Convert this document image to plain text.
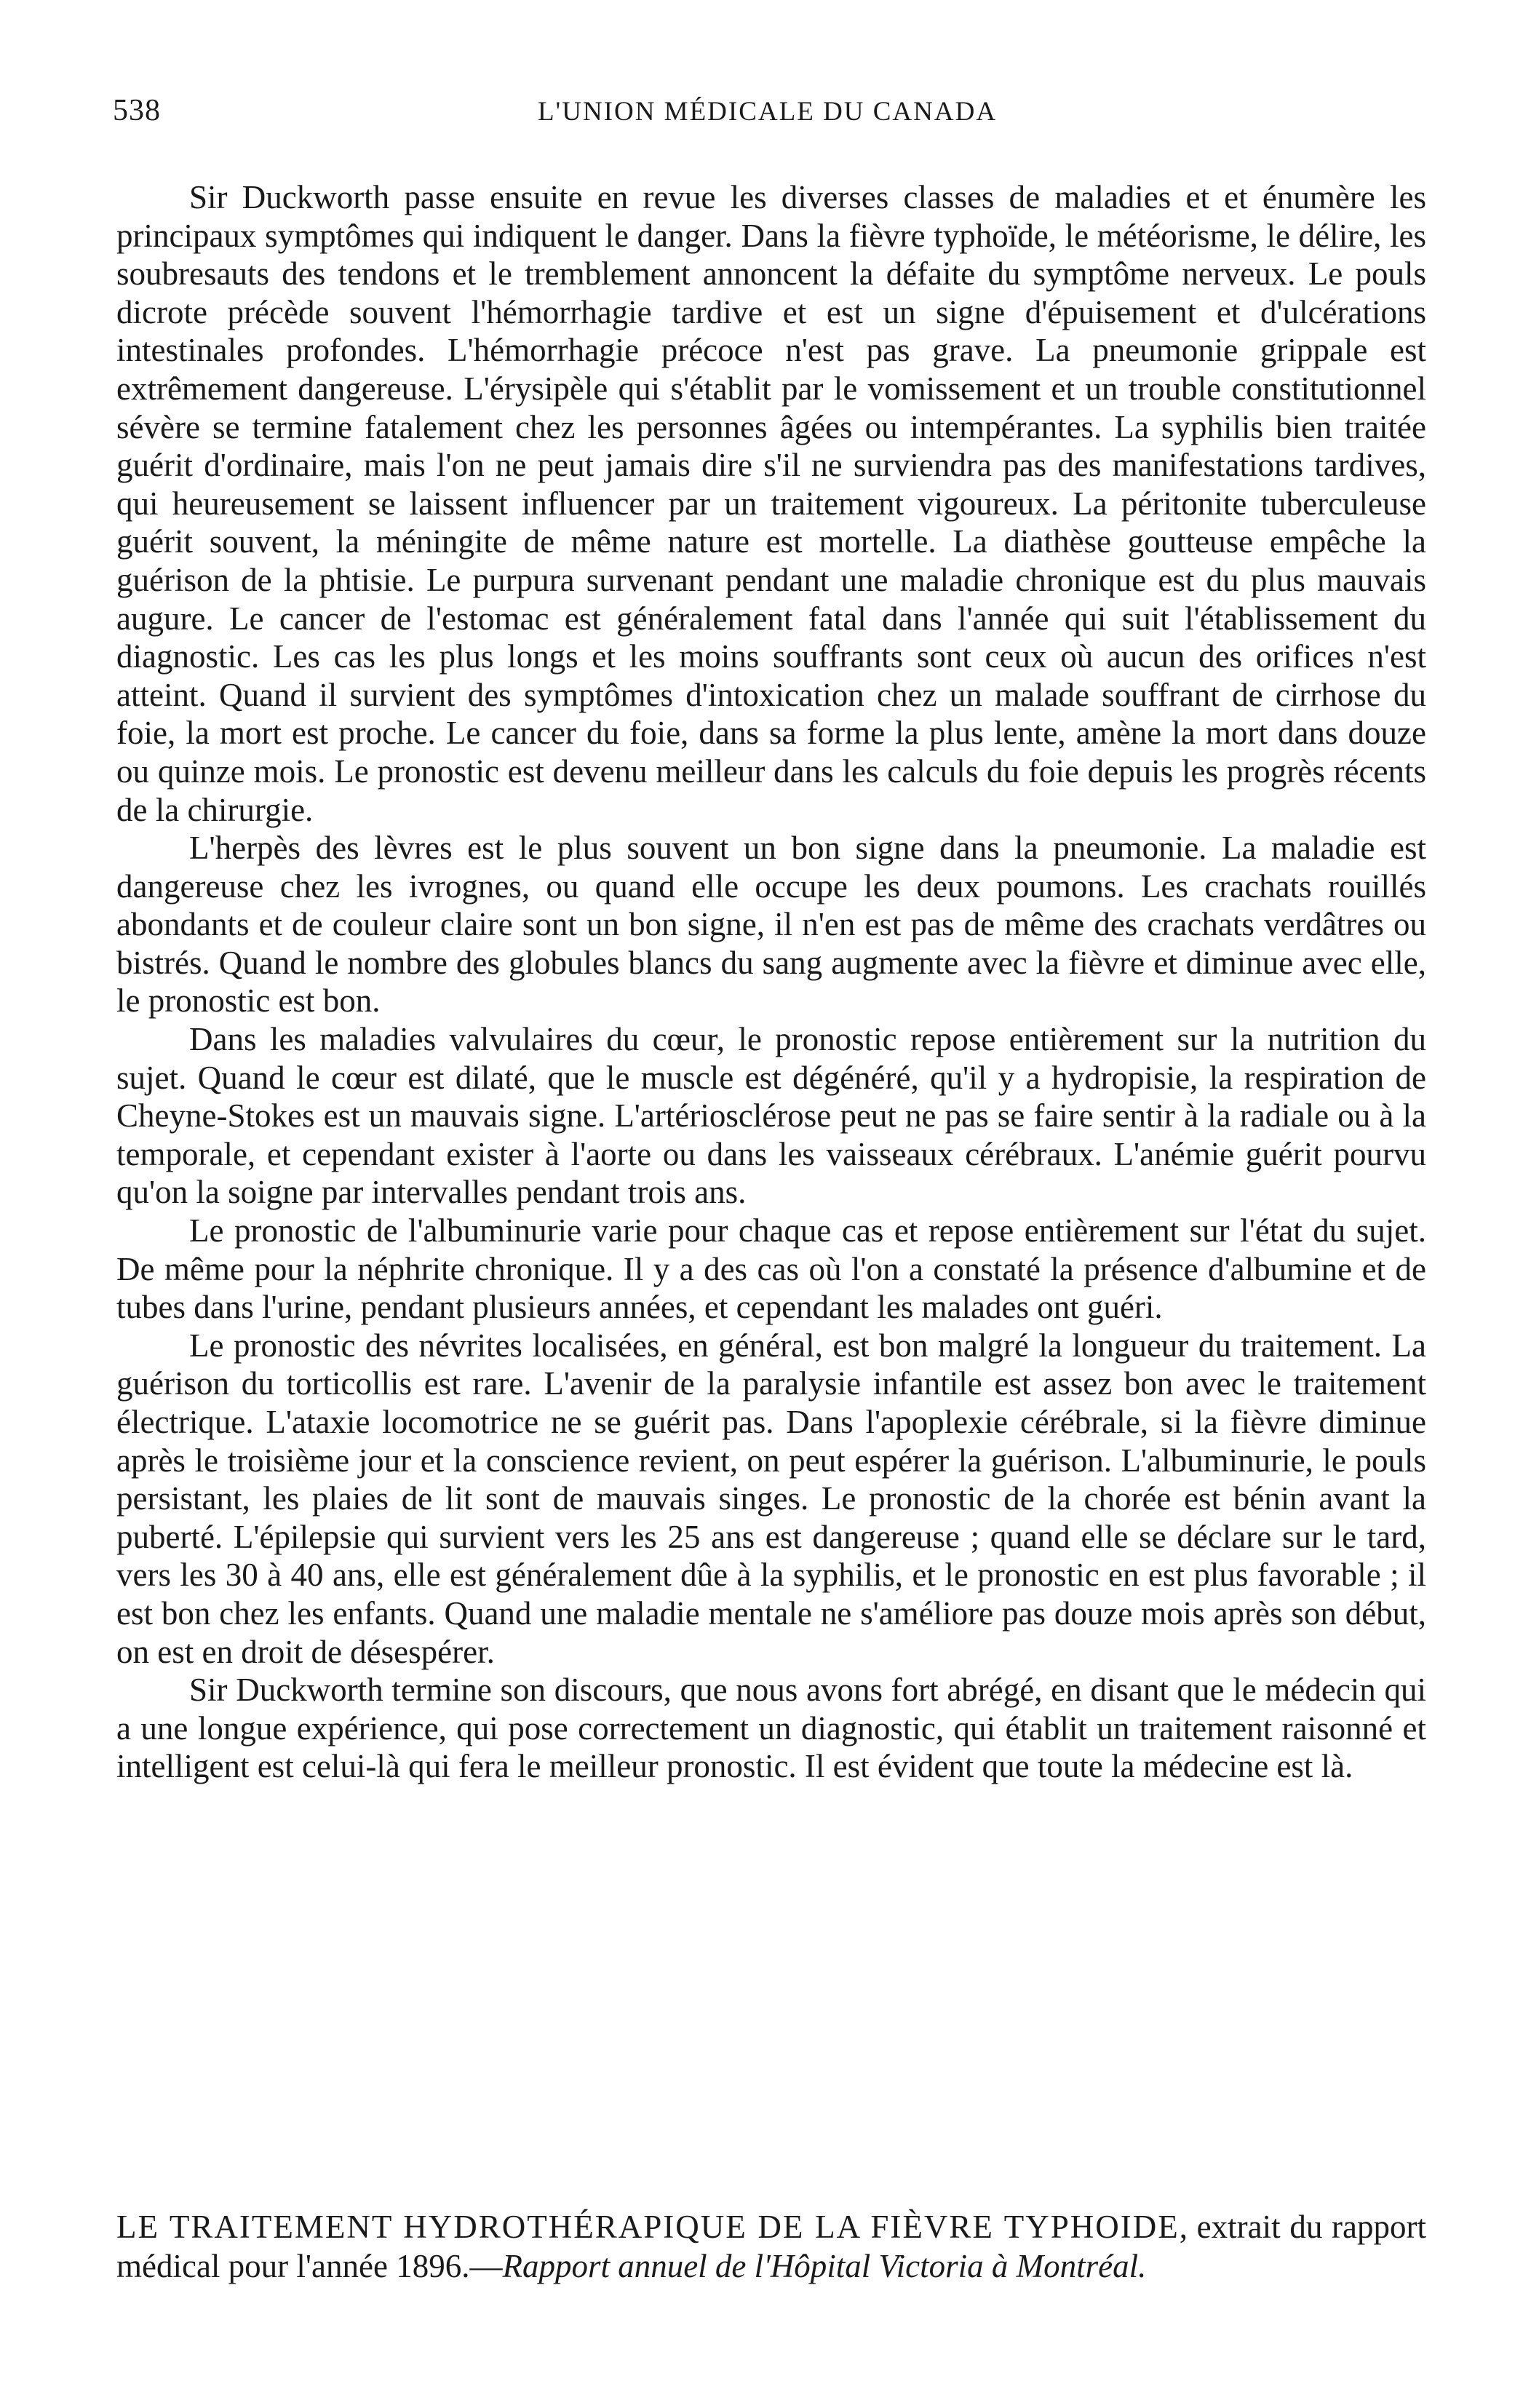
538	L'UNION MÉDICALE DU CANADA

Sir Duckworth passe ensuite en revue les diverses classes de maladies et et énumère les principaux symptômes qui indiquent le danger. Dans la fièvre typhoïde, le météorisme, le délire, les soubresauts des tendons et le tremblement annoncent la défaite du symptôme nerveux. Le pouls dicrote précède souvent l'hémorrhagie tardive et est un signe d'épuisement et d'ulcérations intestinales profondes. L'hémorrhagie précoce n'est pas grave. La pneumonie grippale est extrêmement dangereuse. L'érysipèle qui s'établit par le vomissement et un trouble constitutionnel sévère se termine fatalement chez les personnes âgées ou intempérantes. La syphilis bien traitée guérit d'ordinaire, mais l'on ne peut jamais dire s'il ne surviendra pas des manifestations tardives, qui heureusement se laissent influencer par un traitement vigoureux. La péritonite tuberculeuse guérit souvent, la méningite de même nature est mortelle. La diathèse goutteuse empêche la guérison de la phtisie. Le purpura survenant pendant une maladie chronique est du plus mauvais augure. Le cancer de l'estomac est généralement fatal dans l'année qui suit l'établissement du diagnostic. Les cas les plus longs et les moins souffrants sont ceux où aucun des orifices n'est atteint. Quand il survient des symptômes d'intoxication chez un malade souffrant de cirrhose du foie, la mort est proche. Le cancer du foie, dans sa forme la plus lente, amène la mort dans douze ou quinze mois. Le pronostic est devenu meilleur dans les calculs du foie depuis les progrès récents de la chirurgie.

L'herpès des lèvres est le plus souvent un bon signe dans la pneumonie. La maladie est dangereuse chez les ivrognes, ou quand elle occupe les deux poumons. Les crachats rouillés abondants et de couleur claire sont un bon signe, il n'en est pas de même des crachats verdâtres ou bistrés. Quand le nombre des globules blancs du sang augmente avec la fièvre et diminue avec elle, le pronostic est bon.

Dans les maladies valvulaires du cœur, le pronostic repose entièrement sur la nutrition du sujet. Quand le cœur est dilaté, que le muscle est dégénéré, qu'il y a hydropisie, la respiration de Cheyne-Stokes est un mauvais signe. L'artériosclérose peut ne pas se faire sentir à la radiale ou à la temporale, et cependant exister à l'aorte ou dans les vaisseaux cérébraux. L'anémie guérit pourvu qu'on la soigne par intervalles pendant trois ans.

Le pronostic de l'albuminurie varie pour chaque cas et repose entièrement sur l'état du sujet. De même pour la néphrite chronique. Il y a des cas où l'on a constaté la présence d'albumine et de tubes dans l'urine, pendant plusieurs années, et cependant les malades ont guéri.

Le pronostic des névrites localisées, en général, est bon malgré la longueur du traitement. La guérison du torticollis est rare. L'avenir de la paralysie infantile est assez bon avec le traitement électrique. L'ataxie locomotrice ne se guérit pas. Dans l'apoplexie cérébrale, si la fièvre diminue après le troisième jour et la conscience revient, on peut espérer la guérison. L'albuminurie, le pouls persistant, les plaies de lit sont de mauvais singes. Le pronostic de la chorée est bénin avant la puberté. L'épilepsie qui survient vers les 25 ans est dangereuse ; quand elle se déclare sur le tard, vers les 30 à 40 ans, elle est généralement dûe à la syphilis, et le pronostic en est plus favorable ; il est bon chez les enfants. Quand une maladie mentale ne s'améliore pas douze mois après son début, on est en droit de désespérer.

Sir Duckworth termine son discours, que nous avons fort abrégé, en disant que le médecin qui a une longue expérience, qui pose correctement un diagnostic, qui établit un traitement raisonné et intelligent est celui-là qui fera le meilleur pronostic. Il est évident que toute la médecine est là.

LE TRAITEMENT HYDROTHÉRAPIQUE DE LA FIÈVRE TYPHOIDE, extrait du rapport médical pour l'année 1896.—Rapport annuel de l'Hôpital Victoria à Montréal.
